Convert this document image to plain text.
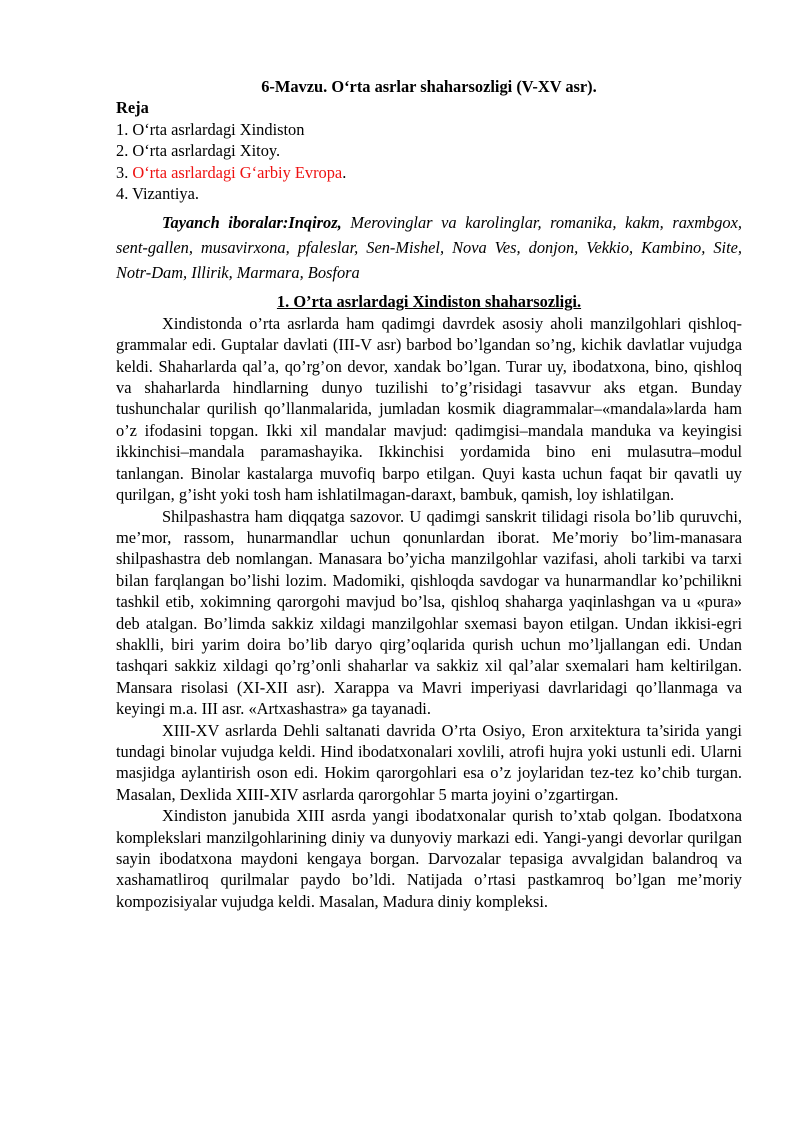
6-Mavzu. O‘rta asrlar shaharsozligi (V-XV asr).

Reja

1. O‘rta asrlardagi Xindiston
2. O‘rta asrlardagi Xitoy.
3. O‘rta asrlardagi G‘arbiy Evropa.
4. Vizantiya.

Tayanch iboralar:Inqiroz, Merovinglar va karolinglar, romanika, kakm, raxmbgox, sent-gallen, musavirxona, pfaleslar, Sen-Mishel, Nova Ves, donjon, Vekkio, Kambino, Site, Notr-Dam, Illirik, Marmara, Bosfora

1. O’rta asrlardagi Xindiston shaharsozligi.

Xindistonda o’rta asrlarda ham qadimgi davrdek asosiy aholi manzilgohlari qishloq-grammalar edi. Guptalar davlati (III-V asr) barbod bo’lgandan so’ng, kichik davlatlar vujudga keldi. Shaharlarda qal’a, qo’rg’on devor, xandak bo’lgan. Turar uy, ibodatxona, bino, qishloq va shaharlarda hindlarning dunyo tuzilishi to’g’risidagi tasavvur aks etgan. Bunday tushunchalar qurilish qo’llanmalarida, jumladan kosmik diagrammalar–«mandala»larda ham o’z ifodasini topgan. Ikki xil mandalar mavjud: qadimgisi–mandala manduka va keyingisi ikkinchisi–mandala paramashayika. Ikkinchisi yordamida bino eni mulasutra–modul tanlangan. Binolar kastalarga muvofiq barpo etilgan. Quyi kasta uchun faqat bir qavatli uy qurilgan, g’isht yoki tosh ham ishlatilmagan-daraxt, bambuk, qamish, loy ishlatilgan.

Shilpashastra ham diqqatga sazovor. U qadimgi sanskrit tilidagi risola bo’lib quruvchi, me’mor, rassom, hunarmandlar uchun qonunlardan iborat. Me’moriy bo’lim-manasara shilpashastra deb nomlangan. Manasara bo’yicha manzilgohlar vazifasi, aholi tarkibi va tarxi bilan farqlangan bo’lishi lozim. Madomiki, qishloqda savdogar va hunarmandlar ko’pchilikni tashkil etib, xokimning qarorgohi mavjud bo’lsa, qishloq shaharga yaqinlashgan va u «pura» deb atalgan. Bo’limda sakkiz xildagi manzilgohlar sxemasi bayon etilgan. Undan ikkisi-egri shaklli, biri yarim doira bo’lib daryo qirg’oqlarida qurish uchun mo’ljallangan edi. Undan tashqari sakkiz xildagi qo’rg’onli shaharlar va sakkiz xil qal’alar sxemalari ham keltirilgan. Mansara risolasi (XI-XII asr). Xarappa va Mavri imperiyasi davrlaridagi qo’llanmaga va keyingi m.a. III asr. «Artxashastra» ga tayanadi.

XIII-XV asrlarda Dehli saltanati davrida O’rta Osiyo, Eron arxitektura ta’sirida yangi tundagi binolar vujudga keldi. Hind ibodatxonalari xovlili, atrofi hujra yoki ustunli edi. Ularni masjidga aylantirish oson edi. Hokim qarorgohlari esa o’z joylaridan tez-tez ko’chib turgan. Masalan, Dexlida XIII-XIV asrlarda qarorgohlar 5 marta joyini o’zgartirgan.

Xindiston janubida XIII asrda yangi ibodatxonalar qurish to’xtab qolgan. Ibodatxona komplekslari manzilgohlarining diniy va dunyoviy markazi edi. Yangi-yangi devorlar qurilgan sayin ibodatxona maydoni kengaya borgan. Darvozalar tepasiga avvalgidan balandroq va xashamatliroq qurilmalar paydo bo’ldi. Natijada o’rtasi pastkamroq bo’lgan me’moriy kompozisiyalar vujudga keldi. Masalan, Madura diniy kompleksi.
